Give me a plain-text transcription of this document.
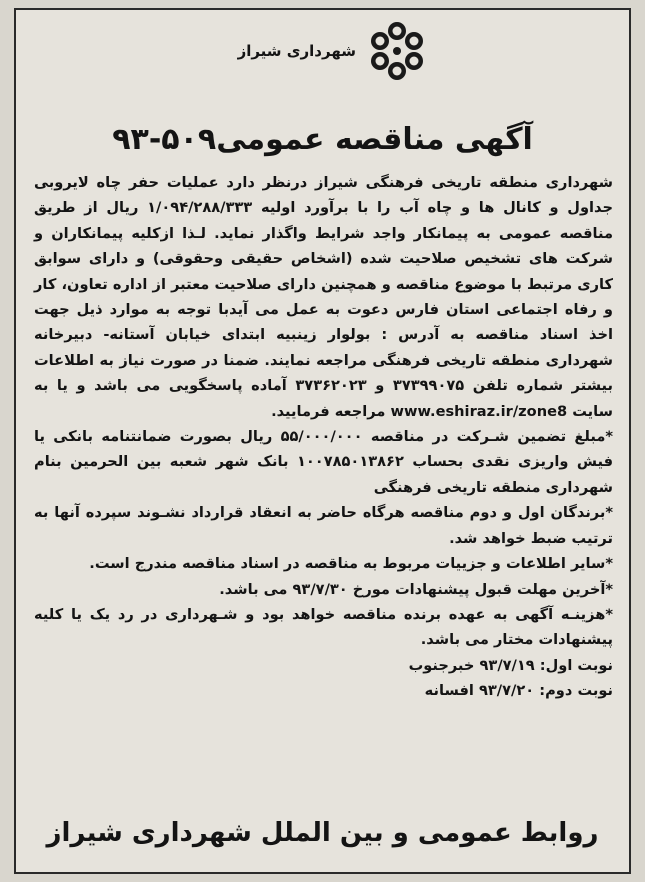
شهرداری شیراز
آگهی مناقصه عمومی۵۰۹-۹۳

شهرداری منطقه تاریخی فرهنگی شیراز درنظر دارد عملیات حفر چاه لایروبی جداول و کانال ها و چاه آب را با برآورد اولیه ۱/۰۹۴/۲۸۸/۳۳۳ ریال از طریق مناقصه عمومی به پیمانکار واجد شرایط واگذار نماید. لـذا ازکلیه پیمانکاران و شرکت های تشخیص صلاحیت شده (اشخاص حقیقی وحقوقی) و دارای سوابق کاری مرتبط با موضوع مناقصه و همچنین دارای صلاحیت معتبر از اداره تعاون، کار و رفاه اجتماعی استان فارس دعوت به عمل می آیدبا توجه به موارد ذیل جهت اخذ اسناد مناقصه به آدرس : بولوار زینبیه ابتدای خیابان آستانه- دبیرخانه شهرداری منطقه تاریخی فرهنگی مراجعه نمایند. ضمنا در صورت نیاز به اطلاعات بیشتر شماره تلفن ۳۷۳۹۹۰۷۵ و ۳۷۳۶۲۰۲۳ آماده پاسخگویی می باشد و یا به سایت www.eshiraz.ir/zone8 مراجعه فرمایید.

*مبلغ تضمین شـرکت در مناقصه ۵۵/۰۰۰/۰۰۰ ریال بصورت ضمانتنامه بانکی یا فیش واریزی نقدی بحساب ۱۰۰۷۸۵۰۱۳۸۶۲ بانک شهر شعبه بین الحرمین بنام شهرداری منطقه تاریخی فرهنگی

*برندگان اول و دوم مناقصه هرگاه حاضر به انعقاد قرارداد نشـوند سپرده آنها به ترتیب ضبط خواهد شد.

*سایر اطلاعات و جزییات مربوط به مناقصه در اسناد مناقصه مندرج است.

*آخرین مهلت قبول پیشنهادات مورخ ۹۳/۷/۳۰ می باشد.

*هزینـه آگهی به عهده برنده مناقصه خواهد بود و شـهرداری در رد یک یا کلیه پیشنهادات مختار می باشد.

نوبت اول: ۹۳/۷/۱۹ خبرجنوب

نوبت دوم: ۹۳/۷/۲۰ افسانه

روابط عمومی و بین الملل شهرداری شیراز
